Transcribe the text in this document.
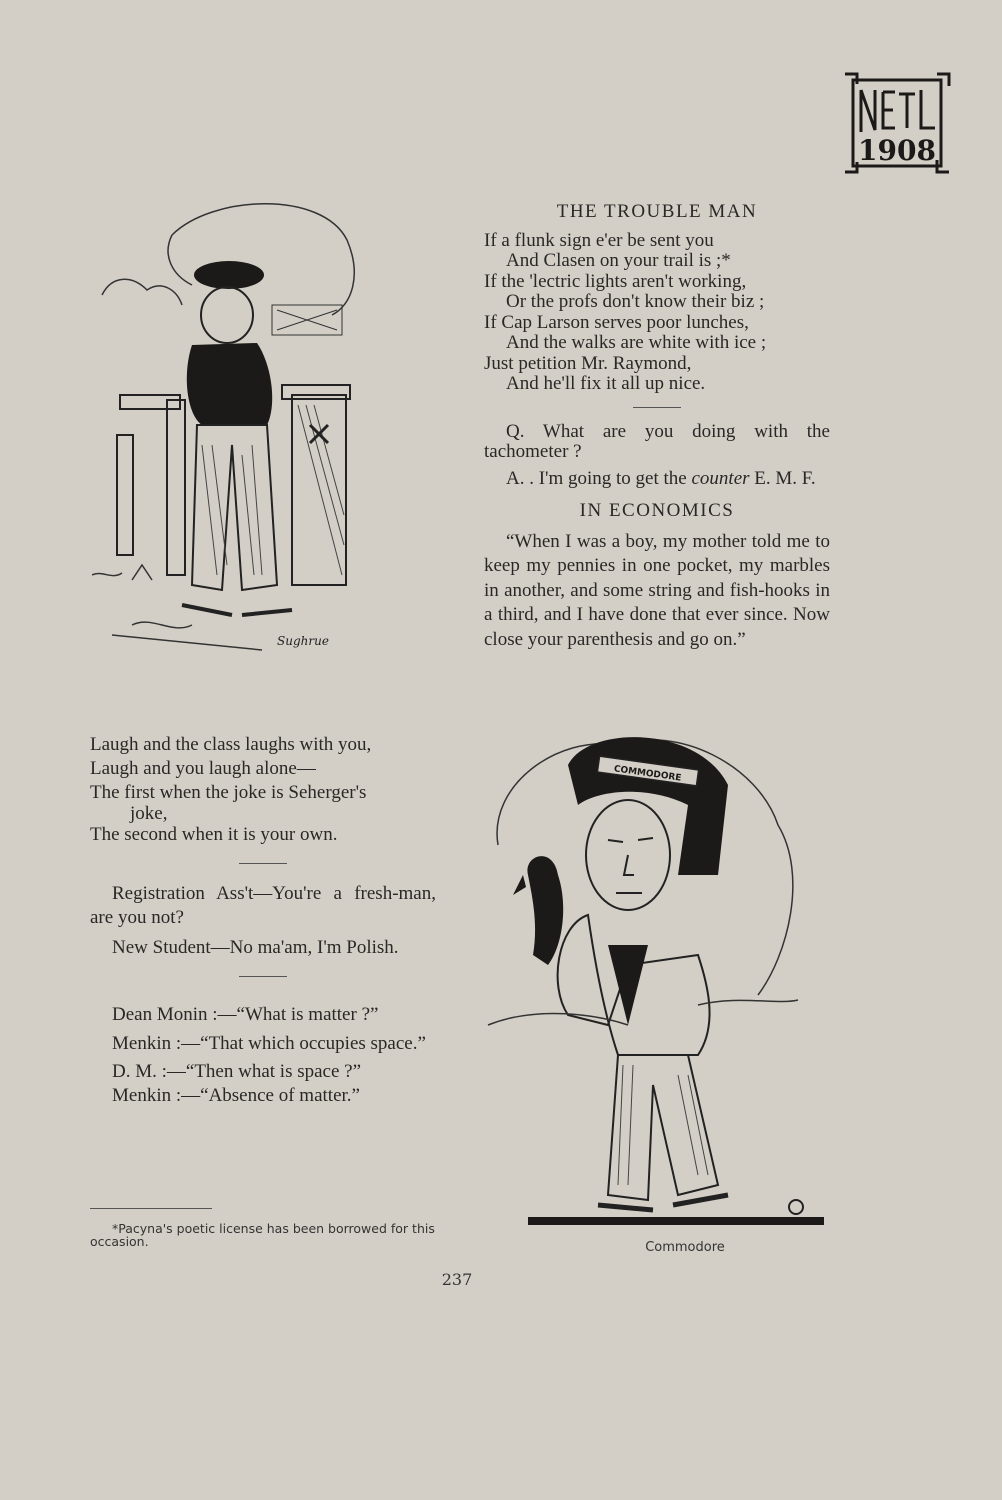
1908
Sughrue
THE TROUBLE MAN

If a flunk sign e'er be sent you

And Clasen on your trail is ;*

If the 'lectric lights aren't working,

Or the profs don't know their biz ;

If Cap Larson serves poor lunches,

And the walks are white with ice ;

Just petition Mr. Raymond,

And he'll fix it all up nice.

Q. What are you doing with the tachometer ?

A. . I'm going to get the counter E. M. F.

IN ECONOMICS

“When I was a boy, my mother told me to keep my pennies in one pocket, my marbles in another, and some string and fish-hooks in a third, and I have done that ever since. Now close your parenthesis and go on.”

COMMODORE
Commodore

Laugh and the class laughs with you,

Laugh and you laugh alone—

The first when the joke is Seherger's

joke,

The second when it is your own.

Registration Ass't—You're a fresh-man, are you not?

New Student—No ma'am, I'm Polish.

Dean Monin :—“What is matter ?”

Menkin :—“That which occupies space.”

D. M. :—“Then what is space ?”

Menkin :—“Absence of matter.”

*Pacyna's poetic license has been borrowed for this occasion.
237
